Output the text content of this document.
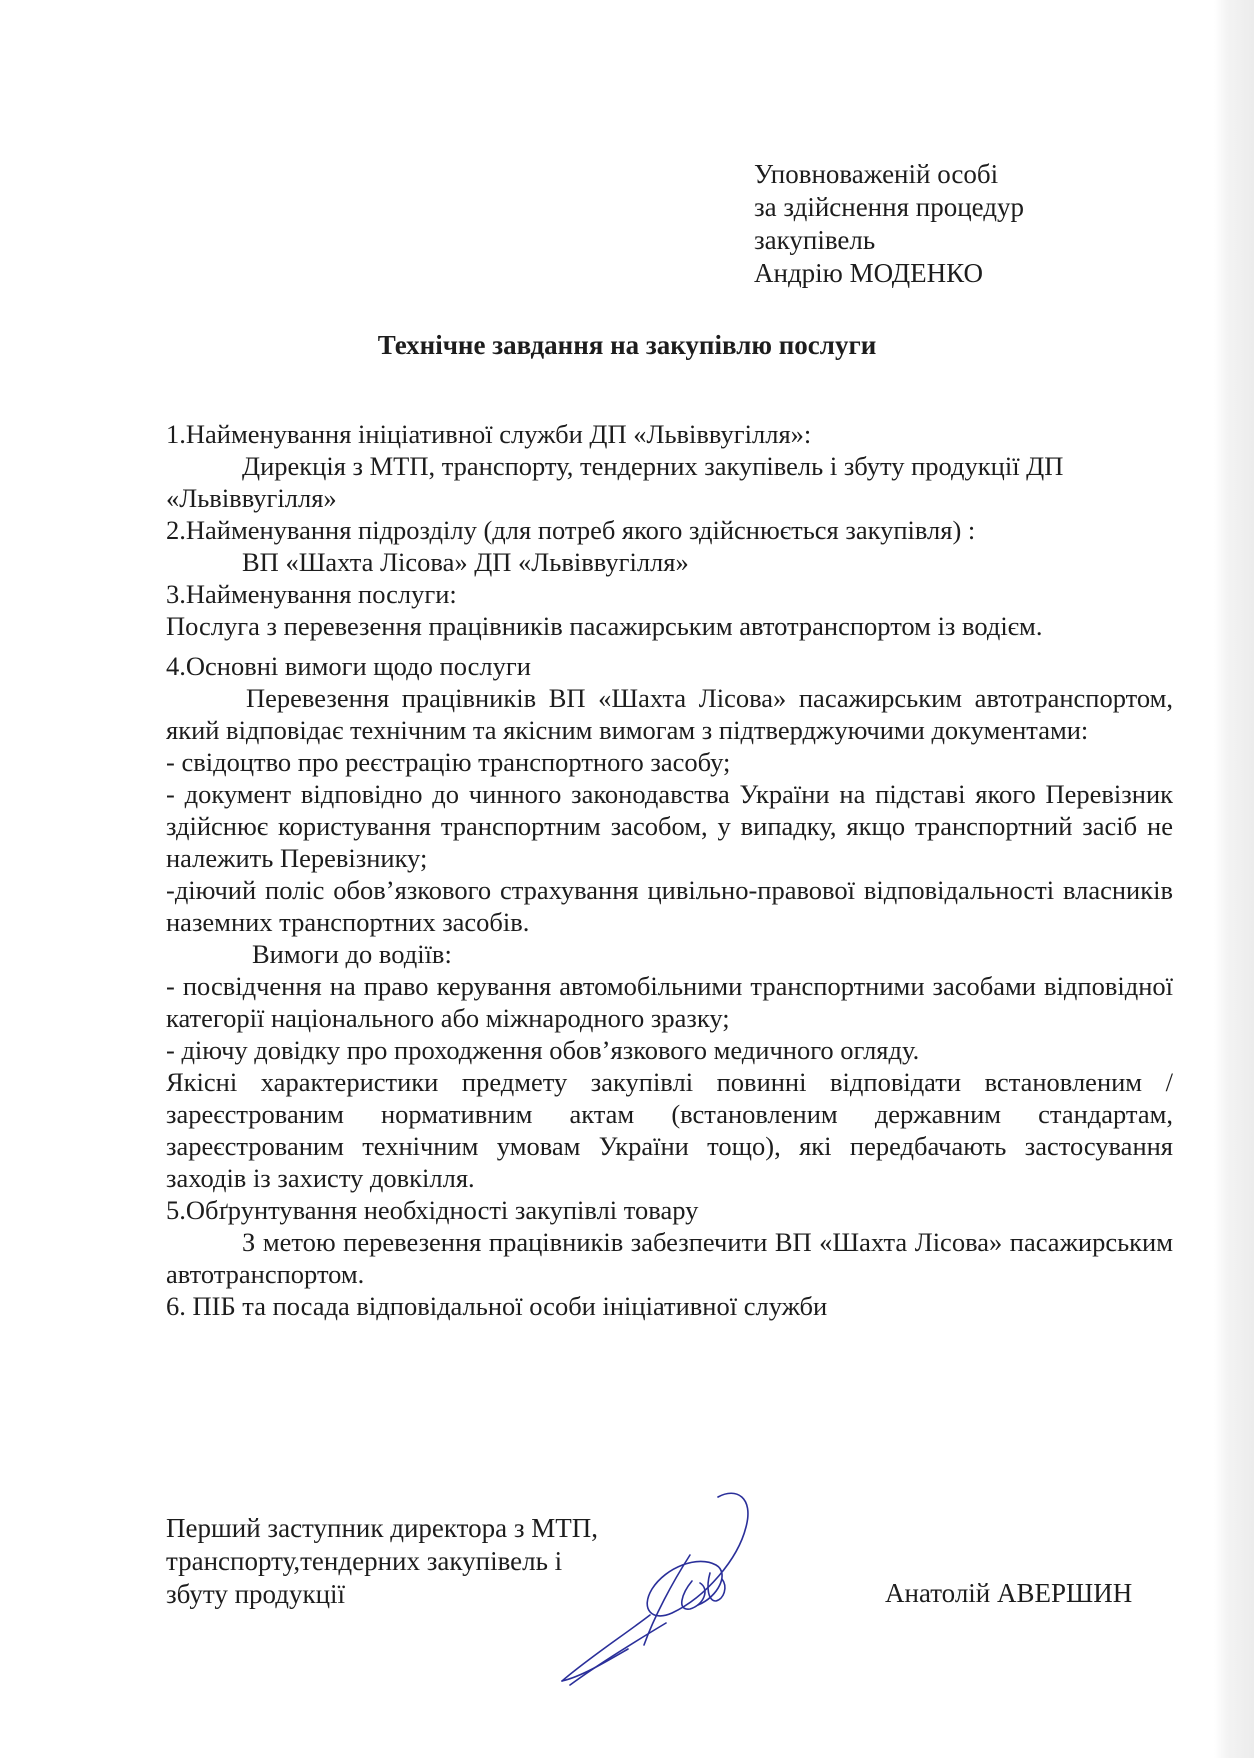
Уповноваженій особі
за здійснення процедур
закупівель
Андрію МОДЕНКО
Технічне завдання на закупівлю послуги

1.Найменування ініціативної служби ДП «Львіввугілля»:

Дирекція з МТП, транспорту, тендерних закупівель і збуту продукції ДП «Львіввугілля»

2.Найменування підрозділу (для потреб якого здійснюється закупівля) :

ВП «Шахта Лісова» ДП «Львіввугілля»

3.Найменування послуги:

Послуга з перевезення працівників пасажирським автотранспортом із водієм.

4.Основні вимоги щодо послуги

Перевезення працівників ВП «Шахта Лісова» пасажирським автотранспортом, який відповідає технічним та якісним вимогам з підтверджуючими документами:

- свідоцтво про реєстрацію транспортного засобу;

- документ відповідно до чинного законодавства України на підставі якого Перевізник здійснює користування транспортним засобом, у випадку, якщо транспортний засіб не належить Перевізнику;

-діючий поліс обов’язкового страхування цивільно-правової відповідальності власників наземних транспортних засобів.

Вимоги до водіїв:

- посвідчення на право керування автомобільними транспортними засобами відповідної категорії національного або міжнародного зразку;

- діючу довідку про проходження обов’язкового медичного огляду.

Якісні характеристики предмету закупівлі повинні відповідати встановленим /зареєстрованим нормативним актам (встановленим державним стандартам, зареєстрованим технічним умовам України тощо), які передбачають застосування заходів із захисту довкілля.

5.Обґрунтування необхідності закупівлі товару

З метою перевезення працівників забезпечити ВП «Шахта Лісова» пасажирським автотранспортом.

6. ПІБ та посада відповідальної особи ініціативної служби

Перший заступник директора з МТП,
транспорту,тендерних закупівель і
збуту продукції	Анатолій АВЕРШИН
